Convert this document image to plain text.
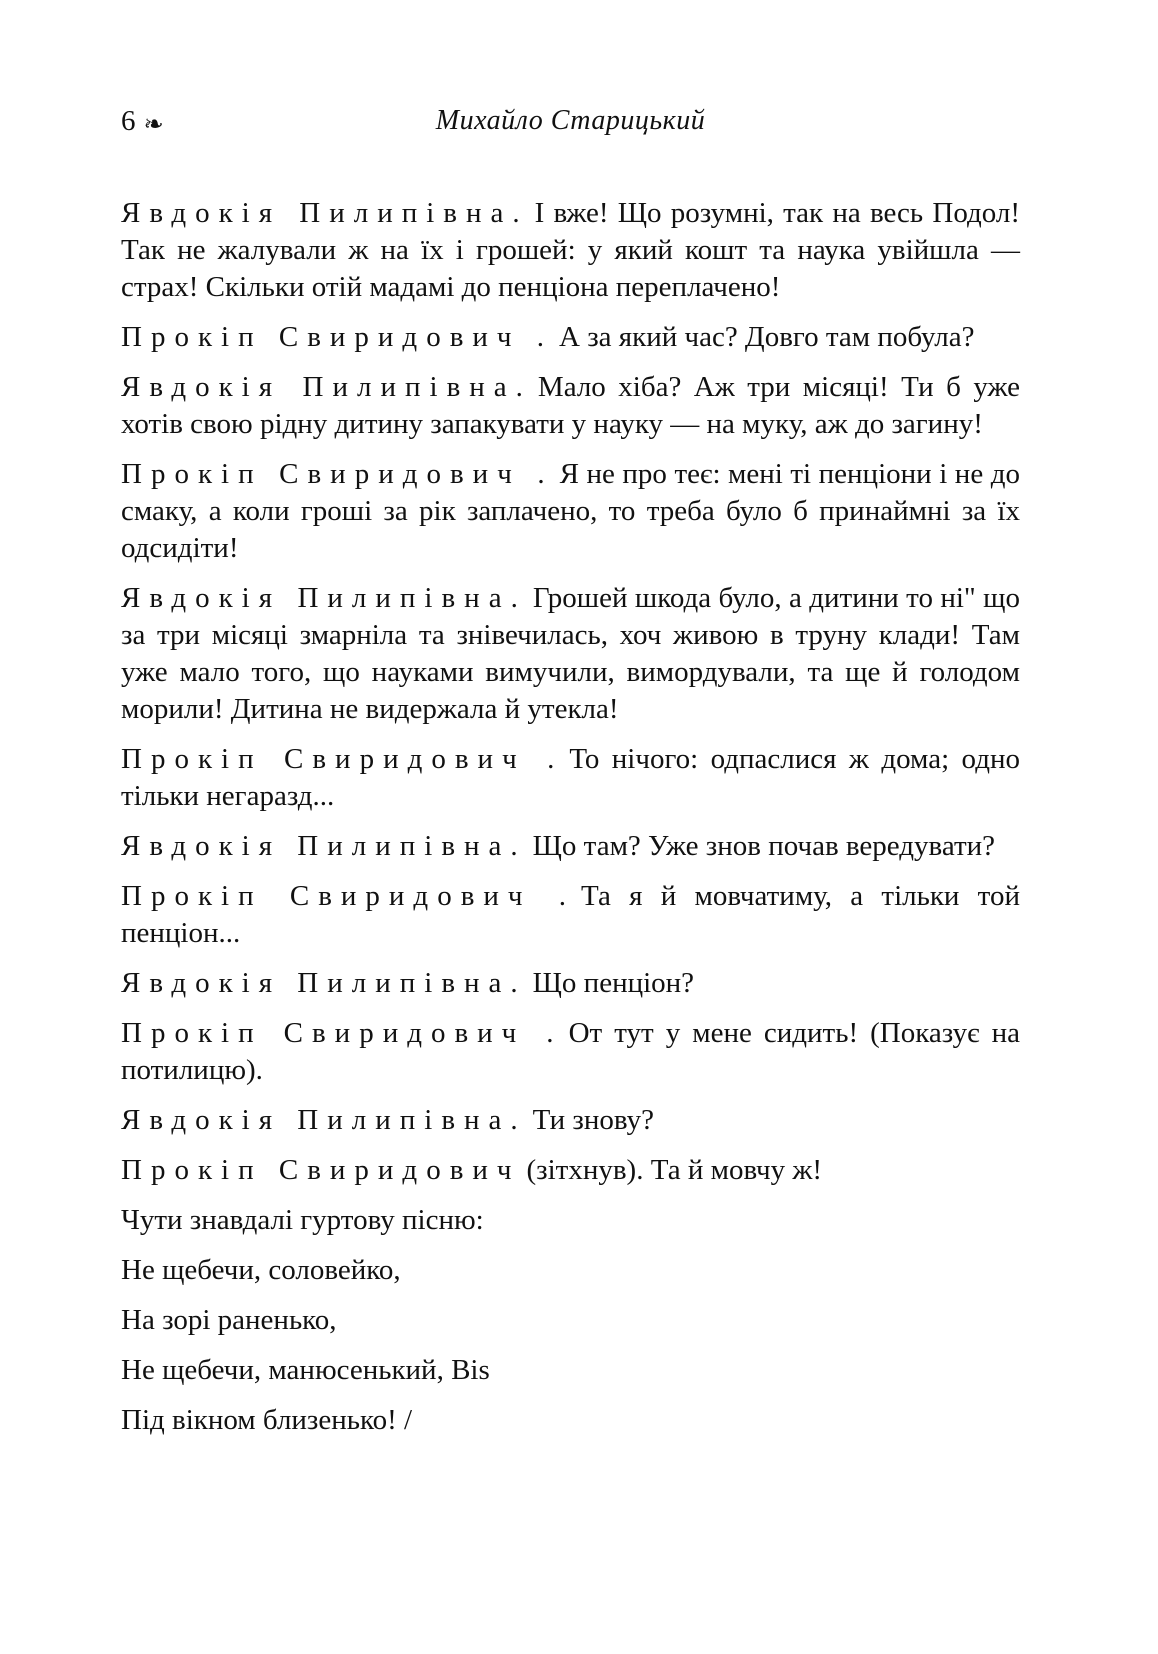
6 ❧	Михайло Старицький

Явдокія Пилипівна. І вже! Що розумні, так на весь Подол! Так не жалували ж на їх і грошей: у який кошт та наука увійшла — страх! Скільки отій мадамі до пенціона переплачено!

Прокіп Свиридович . А за який час? Довго там побула?

Явдокія Пилипівна. Мало хіба? Аж три місяці! Ти б уже хотів свою рідну дитину запакувати у науку — на муку, аж до загину!

Прокіп Свиридович . Я не про теє: мені ті пенціони і не до смаку, а коли гроші за рік заплачено, то треба було б принаймні за їх одсидіти!

Явдокія Пилипівна. Грошей шкода було, а дитини то ні" що за три місяці змарніла та знівечилась, хоч живою в труну клади! Там уже мало того, що науками вимучили, вимордували, та ще й голодом морили! Дитина не видержала й утекла!

Прокіп Свиридович . То нічого: одпаслися ж дома; одно тільки негаразд...

Явдокія Пилипівна. Що там? Уже знов почав вередувати?

Прокіп Свиридович . Та я й мовчатиму, а тільки той пенціон...

Явдокія Пилипівна. Що пенціон?

Прокіп Свиридович . От тут у мене сидить! (Показує на потилицю).

Явдокія Пилипівна. Ти знову?

Прокіп Свиридович (зітхнув). Та й мовчу ж!

Чути знавдалі гуртову пісню:

Не щебечи, соловейко,

На зорі раненько,

Не щебечи, манюсенький, Bis

Під вікном близенько! /
